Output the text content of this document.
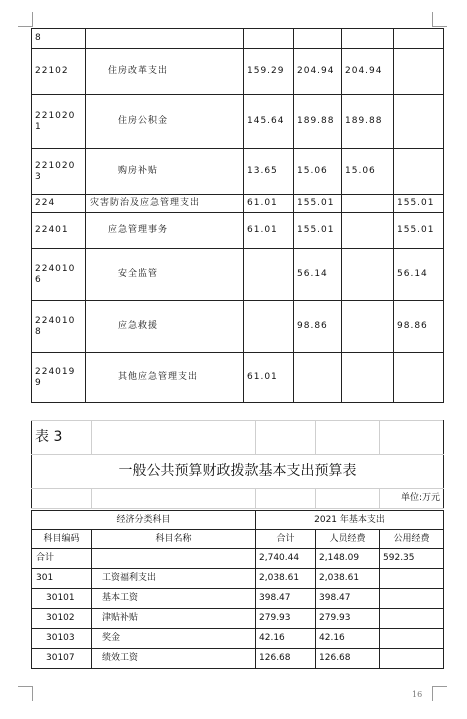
8					
22102	住房改革支出	159.29	204.94	204.94	
2210201	住房公积金	145.64	189.88	189.88	
2210203	购房补贴	13.65	15.06	15.06	
224	灾害防治及应急管理支出	61.01	155.01		155.01
22401	应急管理事务	61.01	155.01		155.01
2240106	安全监管		56.14		56.14
2240108	应急救援		98.86		98.86
2240199	其他应急管理支出	61.01			
表 3				
一般公共预算财政拨款基本支出预算表				
				单位:万元
经济分类科目		2021 年基本支出		
科目编码	科目名称	合计	人员经费	公用经费
合计		2,740.44	2,148.09	592.35
301	工资福利支出	2,038.61	2,038.61	
30101	基本工资	398.47	398.47	
30102	津贴补贴	279.93	279.93	
30103	奖金	42.16	42.16	
30107	绩效工资	126.68	126.68	
16
